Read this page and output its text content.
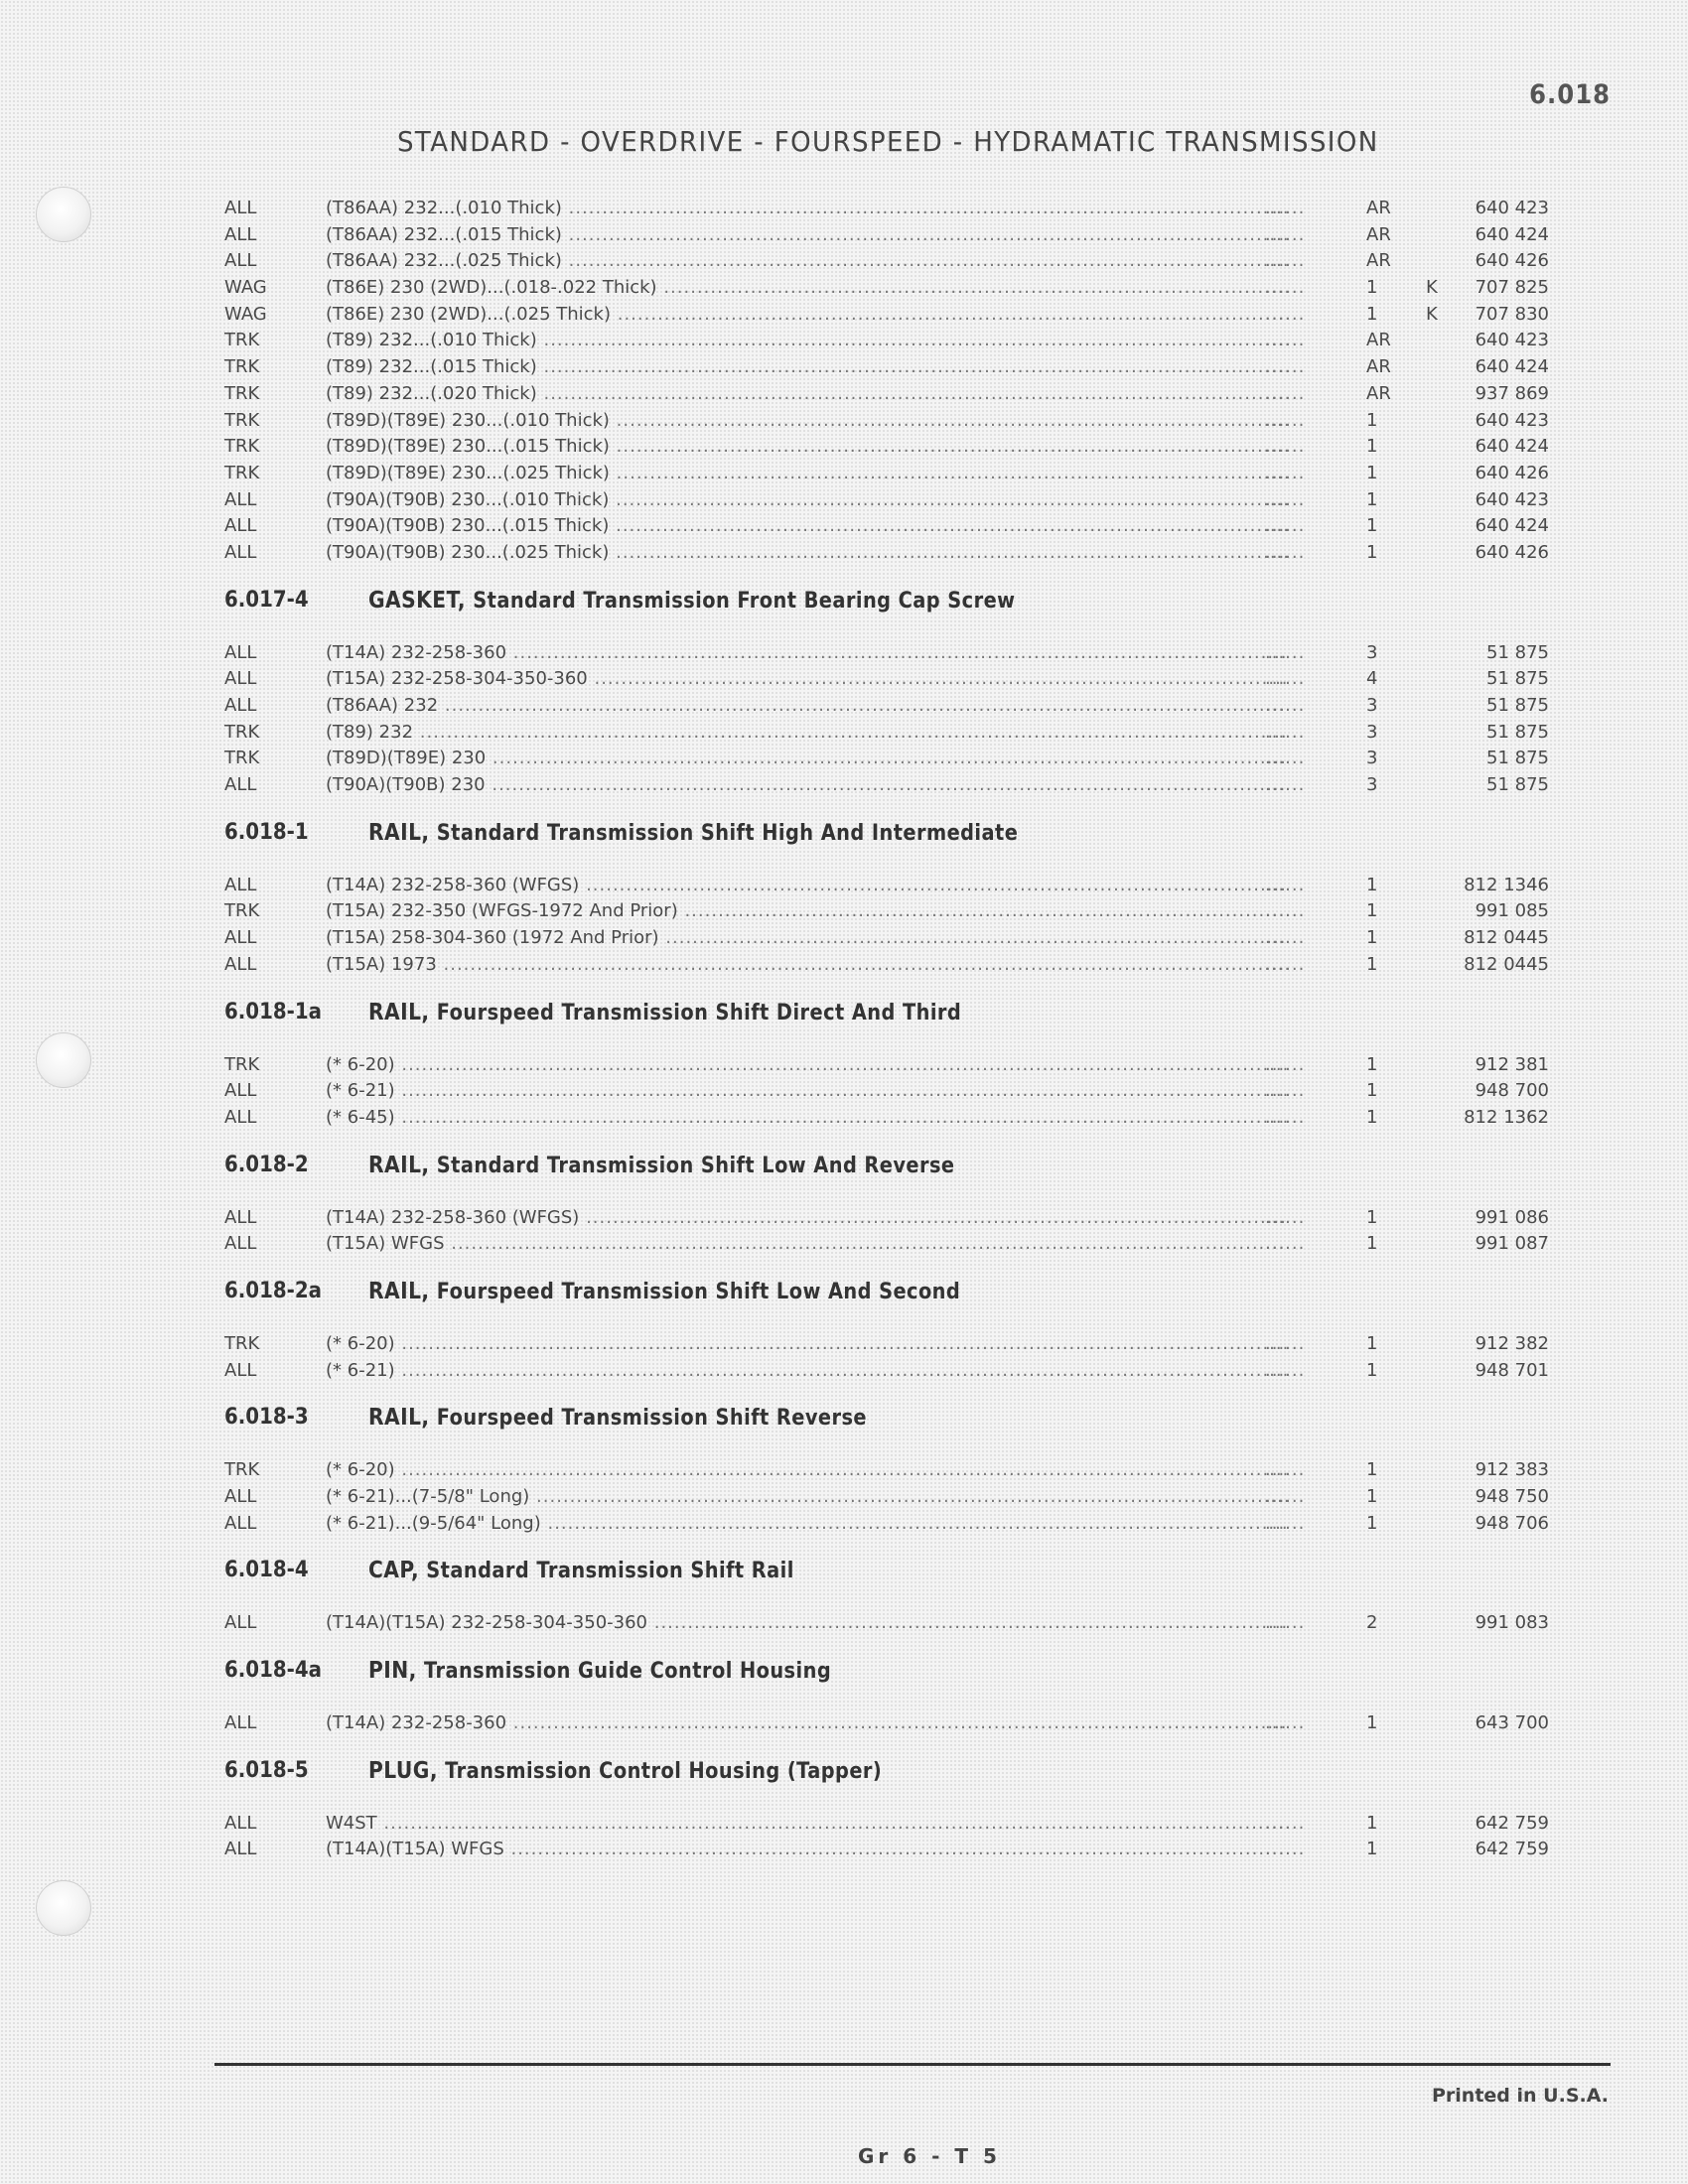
6.018
STANDARD - OVERDRIVE - FOURSPEED - HYDRAMATIC TRANSMISSION
ALL	(T86AA) 232...(.010 Thick) .....	......	AR	640 423
ALL	(T86AA) 232...(.015 Thick) .....	......	AR	640 424
ALL	(T86AA) 232...(.025 Thick) .....	......	AR	640 426
WAG	(T86E) 230 (2WD)...(.018-.022 Thick) .....	......	1	K	707 825
WAG	(T86E) 230 (2WD)...(.025 Thick) .....	......	1	K	707 830
TRK	(T89) 232...(.010 Thick) .....	......	AR	640 423
TRK	(T89) 232...(.015 Thick) .....	......	AR	640 424
TRK	(T89) 232...(.020 Thick) .....	......	AR	937 869
TRK	(T89D)(T89E) 230...(.010 Thick) .....	......	1	640 423
TRK	(T89D)(T89E) 230...(.015 Thick) .....	......	1	640 424
TRK	(T89D)(T89E) 230...(.025 Thick) .....	......	1	640 426
ALL	(T90A)(T90B) 230...(.010 Thick) .....	......	1	640 423
ALL	(T90A)(T90B) 230...(.015 Thick) .....	......	1	640 424
ALL	(T90A)(T90B) 230...(.025 Thick) .....	......	1	640 426
6.017-4	GASKET, Standard Transmission Front Bearing Cap Screw
ALL	(T14A) 232-258-360 .....	......	3	51 875
ALL	(T15A) 232-258-304-350-360 .....	......	4	51 875
ALL	(T86AA) 232 .....	......	3	51 875
TRK	(T89) 232 .....	......	3	51 875
TRK	(T89D)(T89E) 230 .....	......	3	51 875
ALL	(T90A)(T90B) 230 .....	......	3	51 875
6.018-1	RAIL, Standard Transmission Shift High And Intermediate
ALL	(T14A) 232-258-360 (WFGS) .....	......	1	812 1346
TRK	(T15A) 232-350 (WFGS-1972 And Prior) .....	......	1	991 085
ALL	(T15A) 258-304-360 (1972 And Prior) .....	......	1	812 0445
ALL	(T15A) 1973 .....	......	1	812 0445
6.018-1a RAIL, Fourspeed Transmission Shift Direct And Third
TRK	(* 6-20) .....	......	1	912 381
ALL	(* 6-21) .....	......	1	948 700
ALL	(* 6-45) .....	......	1	812 1362
6.018-2	RAIL, Standard Transmission Shift Low And Reverse
ALL	(T14A) 232-258-360 (WFGS) .....	......	1	991 086
ALL	(T15A) WFGS .....	......	1	991 087
6.018-2a RAIL, Fourspeed Transmission Shift Low And Second
TRK	(* 6-20) .....	......	1	912 382
ALL	(* 6-21) .....	......	1	948 701
6.018-3	RAIL, Fourspeed Transmission Shift Reverse
TRK	(* 6-20) .....	......	1	912 383
ALL	(* 6-21)...(7-5/8" Long) .....	......	1	948 750
ALL	(* 6-21)...(9-5/64" Long) .....	......	1	948 706
6.018-4	CAP, Standard Transmission Shift Rail
ALL	(T14A)(T15A) 232-258-304-350-360 .....	......	2	991 083
6.018-4a PIN, Transmission Guide Control Housing
ALL	(T14A) 232-258-360 .....	......	1	643 700
6.018-5	PLUG, Transmission Control Housing (Tapper)
ALL	W4ST .....	......	1	642 759
ALL	(T14A)(T15A) WFGS .....	......	1	642 759
Printed in U.S.A.
Gr 6 - T 5
